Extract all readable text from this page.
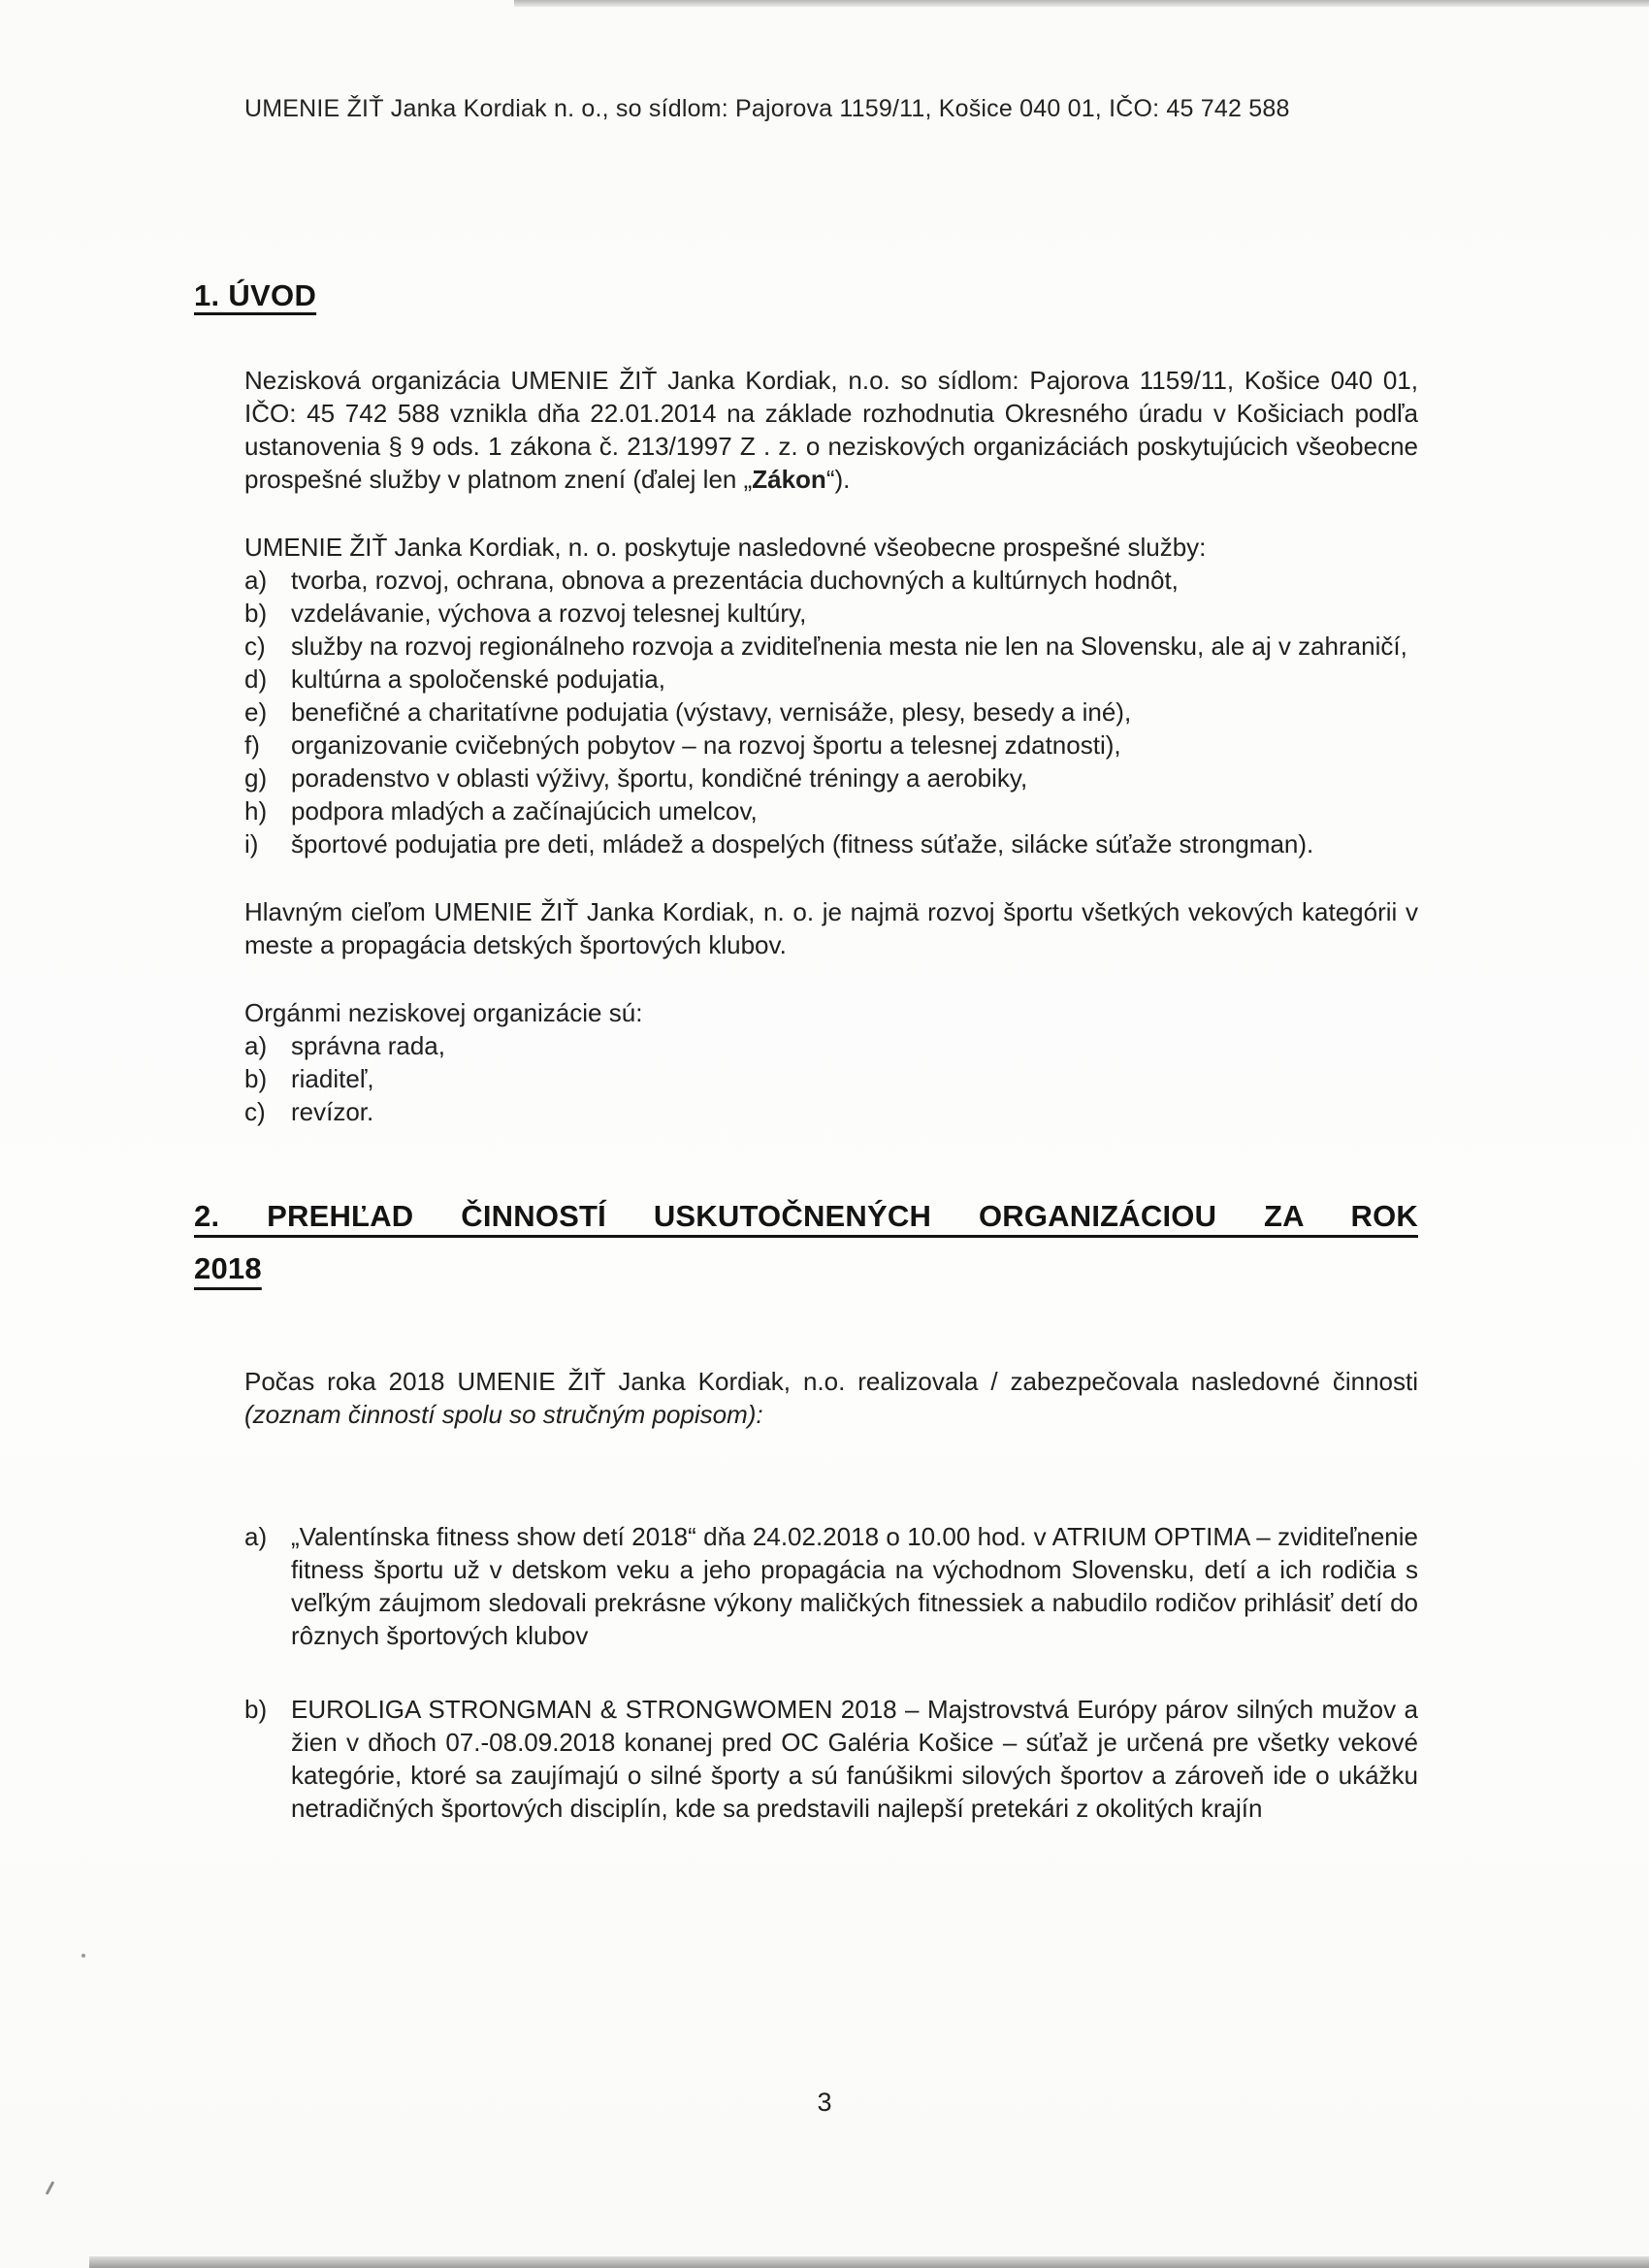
UMENIE ŽIŤ Janka Kordiak n. o., so sídlom: Pajorova 1159/11, Košice 040 01, IČO: 45 742 588
1. ÚVOD

Nezisková organizácia UMENIE ŽIŤ Janka Kordiak, n.o. so sídlom: Pajorova 1159/11, Košice 040 01, IČO: 45 742 588 vznikla dňa 22.01.2014 na základe rozhodnutia Okresného úradu v Košiciach podľa ustanovenia § 9 ods. 1 zákona č. 213/1997 Z . z. o neziskových organizáciách poskytujúcich všeobecne prospešné služby v platnom znení (ďalej len „Zákon“).

UMENIE ŽIŤ Janka Kordiak, n. o. poskytuje nasledovné všeobecne prospešné služby:

a) tvorba, rozvoj, ochrana, obnova a prezentácia duchovných a kultúrnych hodnôt,
b) vzdelávanie, výchova a rozvoj telesnej kultúry,
c)	služby na rozvoj regionálneho rozvoja a zviditeľnenia mesta nie len na Slovensku, ale aj v zahraničí,
d) kultúrna a spoločenské podujatia,
e) benefičné a charitatívne podujatia (výstavy, vernisáže, plesy, besedy a iné),
f)	organizovanie cvičebných pobytov – na rozvoj športu a telesnej zdatnosti),
g) poradenstvo v oblasti výživy, športu, kondičné tréningy a aerobiky,
h) podpora mladých a začínajúcich umelcov,
i)	športové podujatia pre deti, mládež a dospelých (fitness súťaže, silácke súťaže strongman).

Hlavným cieľom UMENIE ŽIŤ Janka Kordiak, n. o. je najmä rozvoj športu všetkých vekových kategórii v meste a propagácia detských športových klubov.

Orgánmi neziskovej organizácie sú:

a) správna rada,
b) riaditeľ,
c)	revízor.
2. PREHĽAD ČINNOSTÍ USKUTOČNENÝCH ORGANIZÁCIOU ZA ROK
2018

Počas roka 2018 UMENIE ŽIŤ Janka Kordiak, n.o. realizovala / zabezpečovala nasledovné činnosti (zoznam činností spolu so stručným popisom):

a) „Valentínska fitness show detí 2018“ dňa 24.02.2018 o 10.00 hod. v ATRIUM OPTIMA – zviditeľnenie fitness športu už v detskom veku a jeho propagácia na východnom Slovensku, detí a ich rodičia s veľkým záujmom sledovali prekrásne výkony maličkých fitnessiek a nabudilo rodičov prihlásiť detí do rôznych športových klubov
b) EUROLIGA STRONGMAN & STRONGWOMEN 2018 – Majstrovstvá Európy párov silných mužov a žien v dňoch 07.-08.09.2018 konanej pred OC Galéria Košice – súťaž je určená pre všetky vekové kategórie, ktoré sa zaujímajú o silné športy a sú fanúšikmi silových športov a zároveň ide o ukážku netradičných športových disciplín, kde sa predstavili najlepší pretekári z okolitých krajín
3
